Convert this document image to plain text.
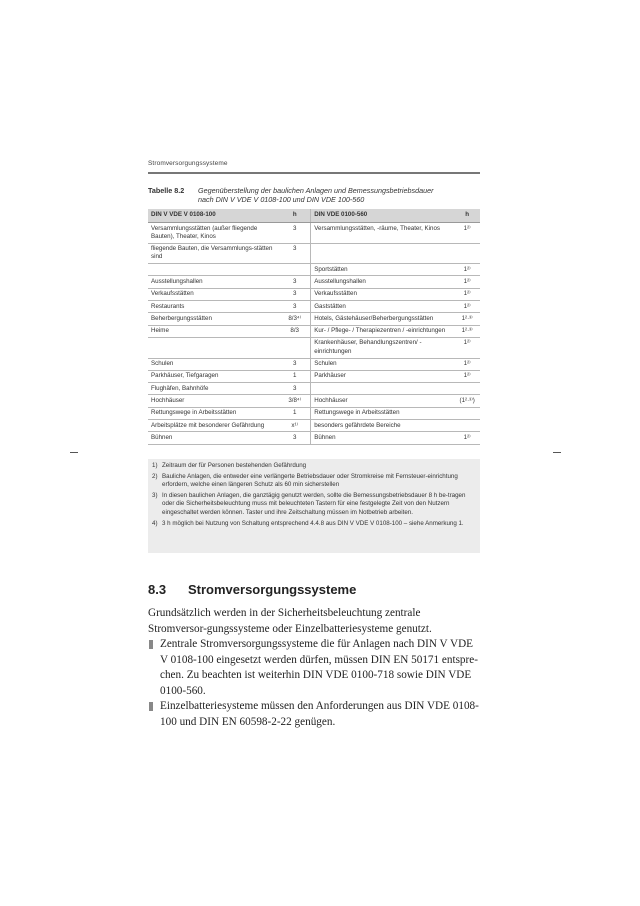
Stromversorgungssysteme
Tabelle 8.2 Gegenüberstellung der baulichen Anlagen und Bemessungsbetriebsdauer
nach DIN V VDE V 0108-100 und DIN VDE 100-560
DIN V VDE V 0108-100	h	DIN VDE 0100-560	h
Versammlungsstätten (außer fliegende Bauten), Theater, Kinos	3	Versammlungsstätten, -räume, Theater, Kinos	1²⁾
fliegende Bauten, die Versammlungs-stätten sind	3		
		Sportstätten	1²⁾
Ausstellungshallen	3	Ausstellungshallen	1²⁾
Verkaufsstätten	3	Verkaufsstätten	1²⁾
Restaurants	3	Gaststätten	1²⁾
Beherbergungsstätten	8/3⁴⁾	Hotels, Gästehäuser/Beherbergungsstätten	1²·³⁾
Heime	8/3	Kur- / Pflege- / Therapiezentren / -einrichtungen	1²·³⁾
		Krankenhäuser, Behandlungszentren/ -einrichtungen	1²⁾
Schulen	3	Schulen	1²⁾
Parkhäuser, Tiefgaragen	1	Parkhäuser	1²⁾
Flughäfen, Bahnhöfe	3		
Hochhäuser	3/8⁴⁾	Hochhäuser	(1²·³⁾)
Rettungswege in Arbeitsstätten	1	Rettungswege in Arbeitsstätten	
Arbeitsplätze mit besonderer Gefährdung	x¹⁾	besonders gefährdete Bereiche	
Bühnen	3	Bühnen	1²⁾
1) Zeitraum der für Personen bestehenden Gefährdung
2) Bauliche Anlagen, die entweder eine verlängerte Betriebsdauer oder Stromkreise mit Fernsteuer-einrichtung erfordern, welche einen längeren Schutz als 60 min sicherstellen
3) In diesen baulichen Anlagen, die ganztägig genutzt werden, sollte die Bemessungsbetriebsdauer 8 h be-tragen oder die Sicherheitsbeleuchtung muss mit beleuchteten Tastern für eine festgelegte Zeit von den Nutzern eingeschaltet werden können. Taster und ihre Zeitschaltung müssen im Notbetrieb arbeiten.
4) 3 h möglich bei Nutzung von Schaltung entsprechend 4.4.8 aus DIN V VDE V 0108-100 – siehe Anmerkung 1.
8.3 Stromversorgungssysteme

Grundsätzlich werden in der Sicherheitsbeleuchtung zentrale Stromversor-gungssysteme oder Einzelbatteriesysteme genutzt.

Zentrale Stromversorgungssysteme die für Anlagen nach DIN V VDE V 0108-100 eingesetzt werden dürfen, müssen DIN EN 50171 entspre-chen. Zu beachten ist weiterhin DIN VDE 0100-718 sowie DIN VDE 0100-560.
Einzelbatteriesysteme müssen den Anforderungen aus DIN VDE 0108-100 und DIN EN 60598-2-22 genügen.
